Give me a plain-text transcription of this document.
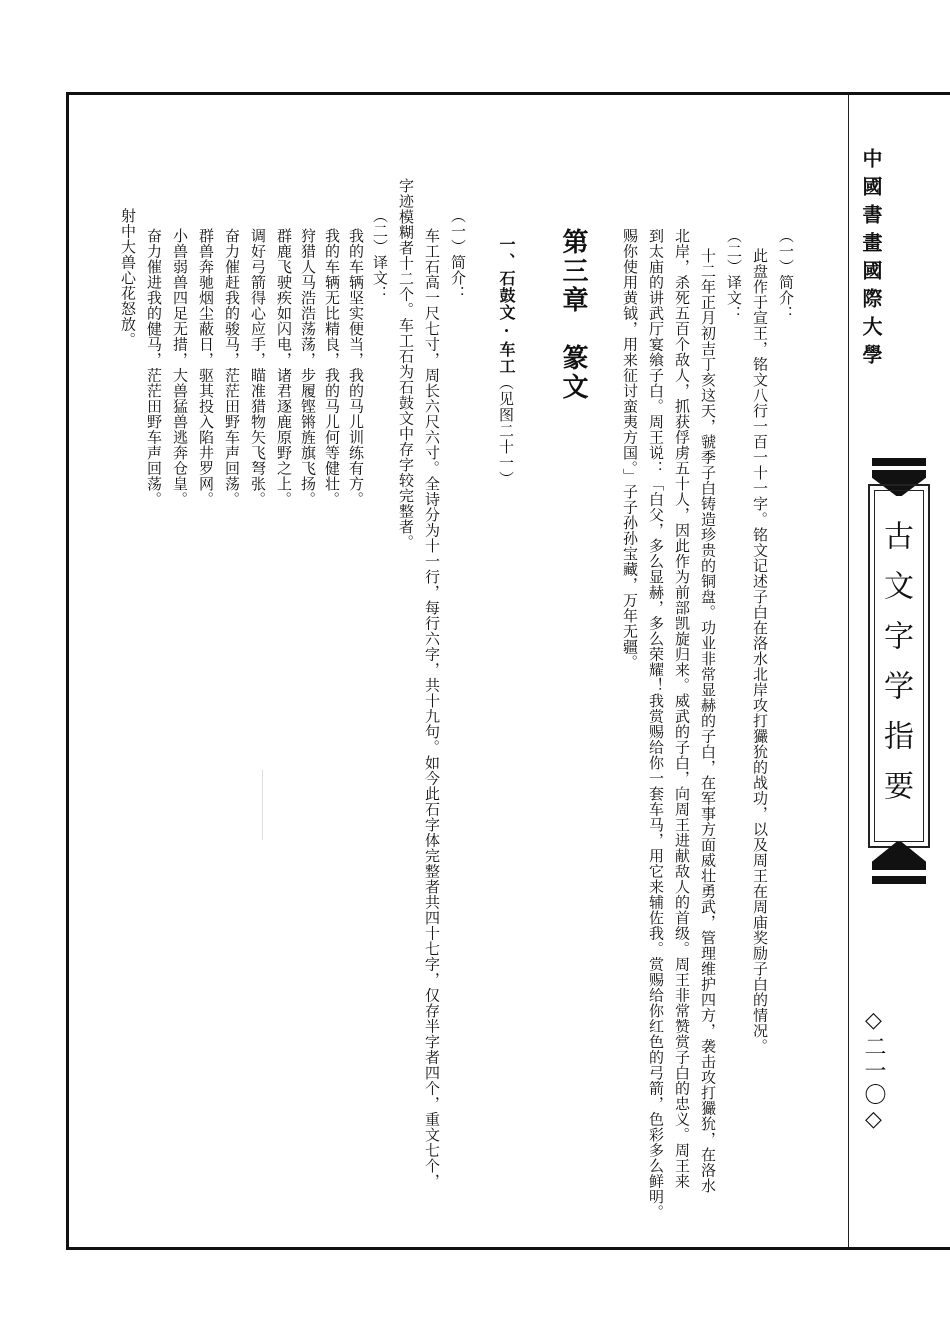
中國書畫國際大學
古文字学指要
◇二一〇◇
（一）简介：
此盘作于宣王，铭文八行一百一十一字。铭文记述子白在洛水北岸攻打玁狁的战功，以及周王在周庙奖励子白的情况。
（二）译文：
十二年正月初吉丁亥这天，虢季子白铸造珍贵的铜盘。功业非常显赫的子白，在军事方面威壮勇武，管理维护四方，袭击攻打玁狁，在洛水
北岸，杀死五百个敌人，抓获俘虏五十人，因此作为前部凯旋归来。威武的子白，向周王进献敌人的首级。周王非常赞赏子白的忠义。周王来
到太庙的讲武厅宴飨子白。周王说：「白父，多么显赫，多么荣耀！我赏赐给你一套车马，用它来辅佐我。赏赐给你红色的弓箭，色彩多么鲜明。
赐你使用黄钺，用来征讨蛮夷方国。」子子孙孙宝藏，万年无疆。
第三章　篆文
一、石鼓文·车工（见图二十一）
（一）简介：
车工石高一尺七寸，周长六尺六寸。全诗分为十一行，每行六字，共十九句。如今此石字体完整者共四十七字，仅存半字者四个，重文七个，
字迹模糊者十二个。车工石为石鼓文中存字较完整者。
（二）译文：
我的车辆坚实便当，我的马儿训练有方。
我的车辆无比精良，我的马儿何等健壮。
狩猎人马浩浩荡荡，步履铿锵旌旗飞扬。
群鹿飞驶疾如闪电，诸君逐鹿原野之上。
调好弓箭得心应手，瞄准猎物矢飞弩张。
奋力催赶我的骏马，茫茫田野车声回荡。
群兽奔驰烟尘蔽日，驱其投入陷井罗网。
小兽弱兽四足无措，大兽猛兽逃奔仓皇。
奋力催进我的健马，茫茫田野车声回荡。
射中大兽心花怒放。
